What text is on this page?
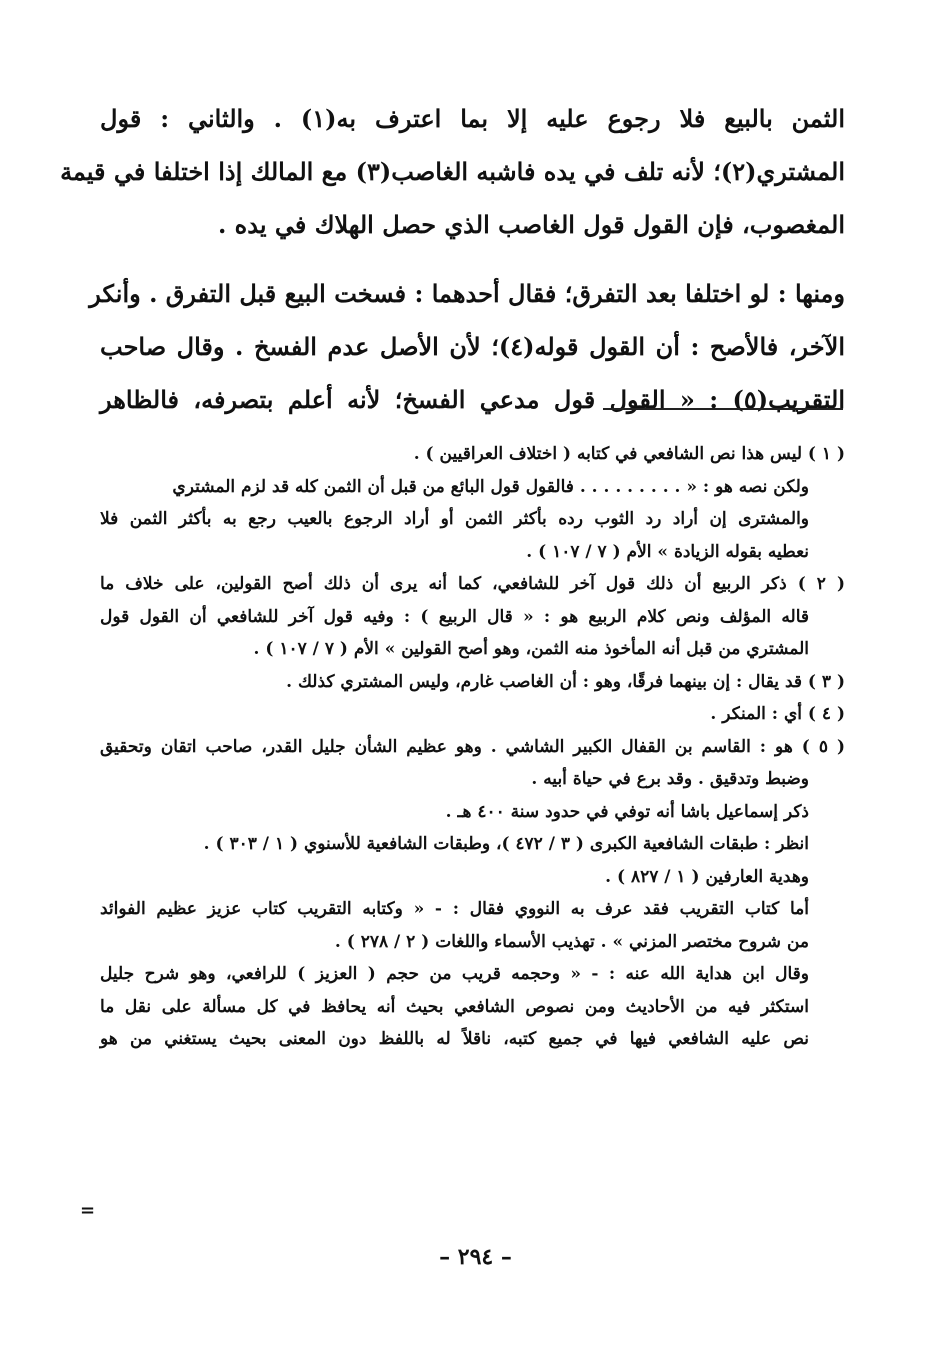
الثمن بالبيع فلا رجوع عليه إلا بما اعترف به(١) . والثاني : قول

المشتري(٢)؛ لأنه تلف في يده فاشبه الغاصب(٣) مع المالك إذا اختلفا في قيمة

المغصوب، فإن القول قول الغاصب الذي حصل الهلاك في يده .

ومنها : لو اختلفا بعد التفرق؛ فقال أحدهما : فسخت البيع قبل التفرق . وأنكر

الآخر، فالأصح : أن القول قوله(٤)؛ لأن الأصل عدم الفسخ . وقال صاحب

التقريب(٥) : « القول قول مدعي الفسخ؛ لأنه أعلم بتصرفه، فالظاهر

( ١ ) ليس هذا نص الشافعي في كتابه ( اختلاف العراقيين ) .

ولكن نصه هو : « . . . . . . . . . فالقول قول البائع من قبل أن الثمن كله قد لزم المشتري

والمشترى إن أراد رد الثوب رده بأكثر الثمن أو أراد الرجوع بالعيب رجع به بأكثر الثمن فلا

نعطيه بقوله الزيادة » الأم ( ٧ / ١٠٧ ) .

( ٢ ) ذكر الربيع أن ذلك قول آخر للشافعي، كما أنه يرى أن ذلك أصح القولين، على خلاف ما

قاله المؤلف ونص كلام الربيع هو : « قال الربيع ) : وفيه قول آخر للشافعي أن القول قول

المشتري من قبل أنه المأخوذ منه الثمن، وهو أصح القولين » الأم ( ٧ / ١٠٧ ) .

( ٣ ) قد يقال : إن بينهما فرقًا، وهو : أن الغاصب غارم، وليس المشتري كذلك .

( ٤ ) أي : المنكر .

( ٥ ) هو : القاسم بن القفال الكبير الشاشي . وهو عظيم الشأن جليل القدر، صاحب اتقان وتحقيق

وضبط وتدقيق . وقد برع في حياة أبيه .

ذكر إسماعيل باشا أنه توفي في حدود سنة ٤٠٠ هـ .

انظر : طبقات الشافعية الكبرى ( ٣ / ٤٧٢ )، وطبقات الشافعية للأسنوي ( ١ / ٣٠٣ ) .

وهدية العارفين ( ١ / ٨٢٧ ) .

أما كتاب التقريب فقد عرف به النووي فقال : - « وكتابه التقريب كتاب عزيز عظيم الفوائد

من شروح مختصر المزني » . تهذيب الأسماء واللغات ( ٢ / ٢٧٨ ) .

وقال ابن هداية الله عنه : - « وحجمه قريب من حجم ( العزيز ) للرافعي، وهو شرح جليل

استكثر فيه من الأحاديث ومن نصوص الشافعي بحيث أنه يحافظ في كل مسألة على نقل ما

نص عليه الشافعي فيها في جميع كتبه، ناقلاً له باللفظ دون المعنى بحيث يستغني من هو

=
– ٢٩٤ –
